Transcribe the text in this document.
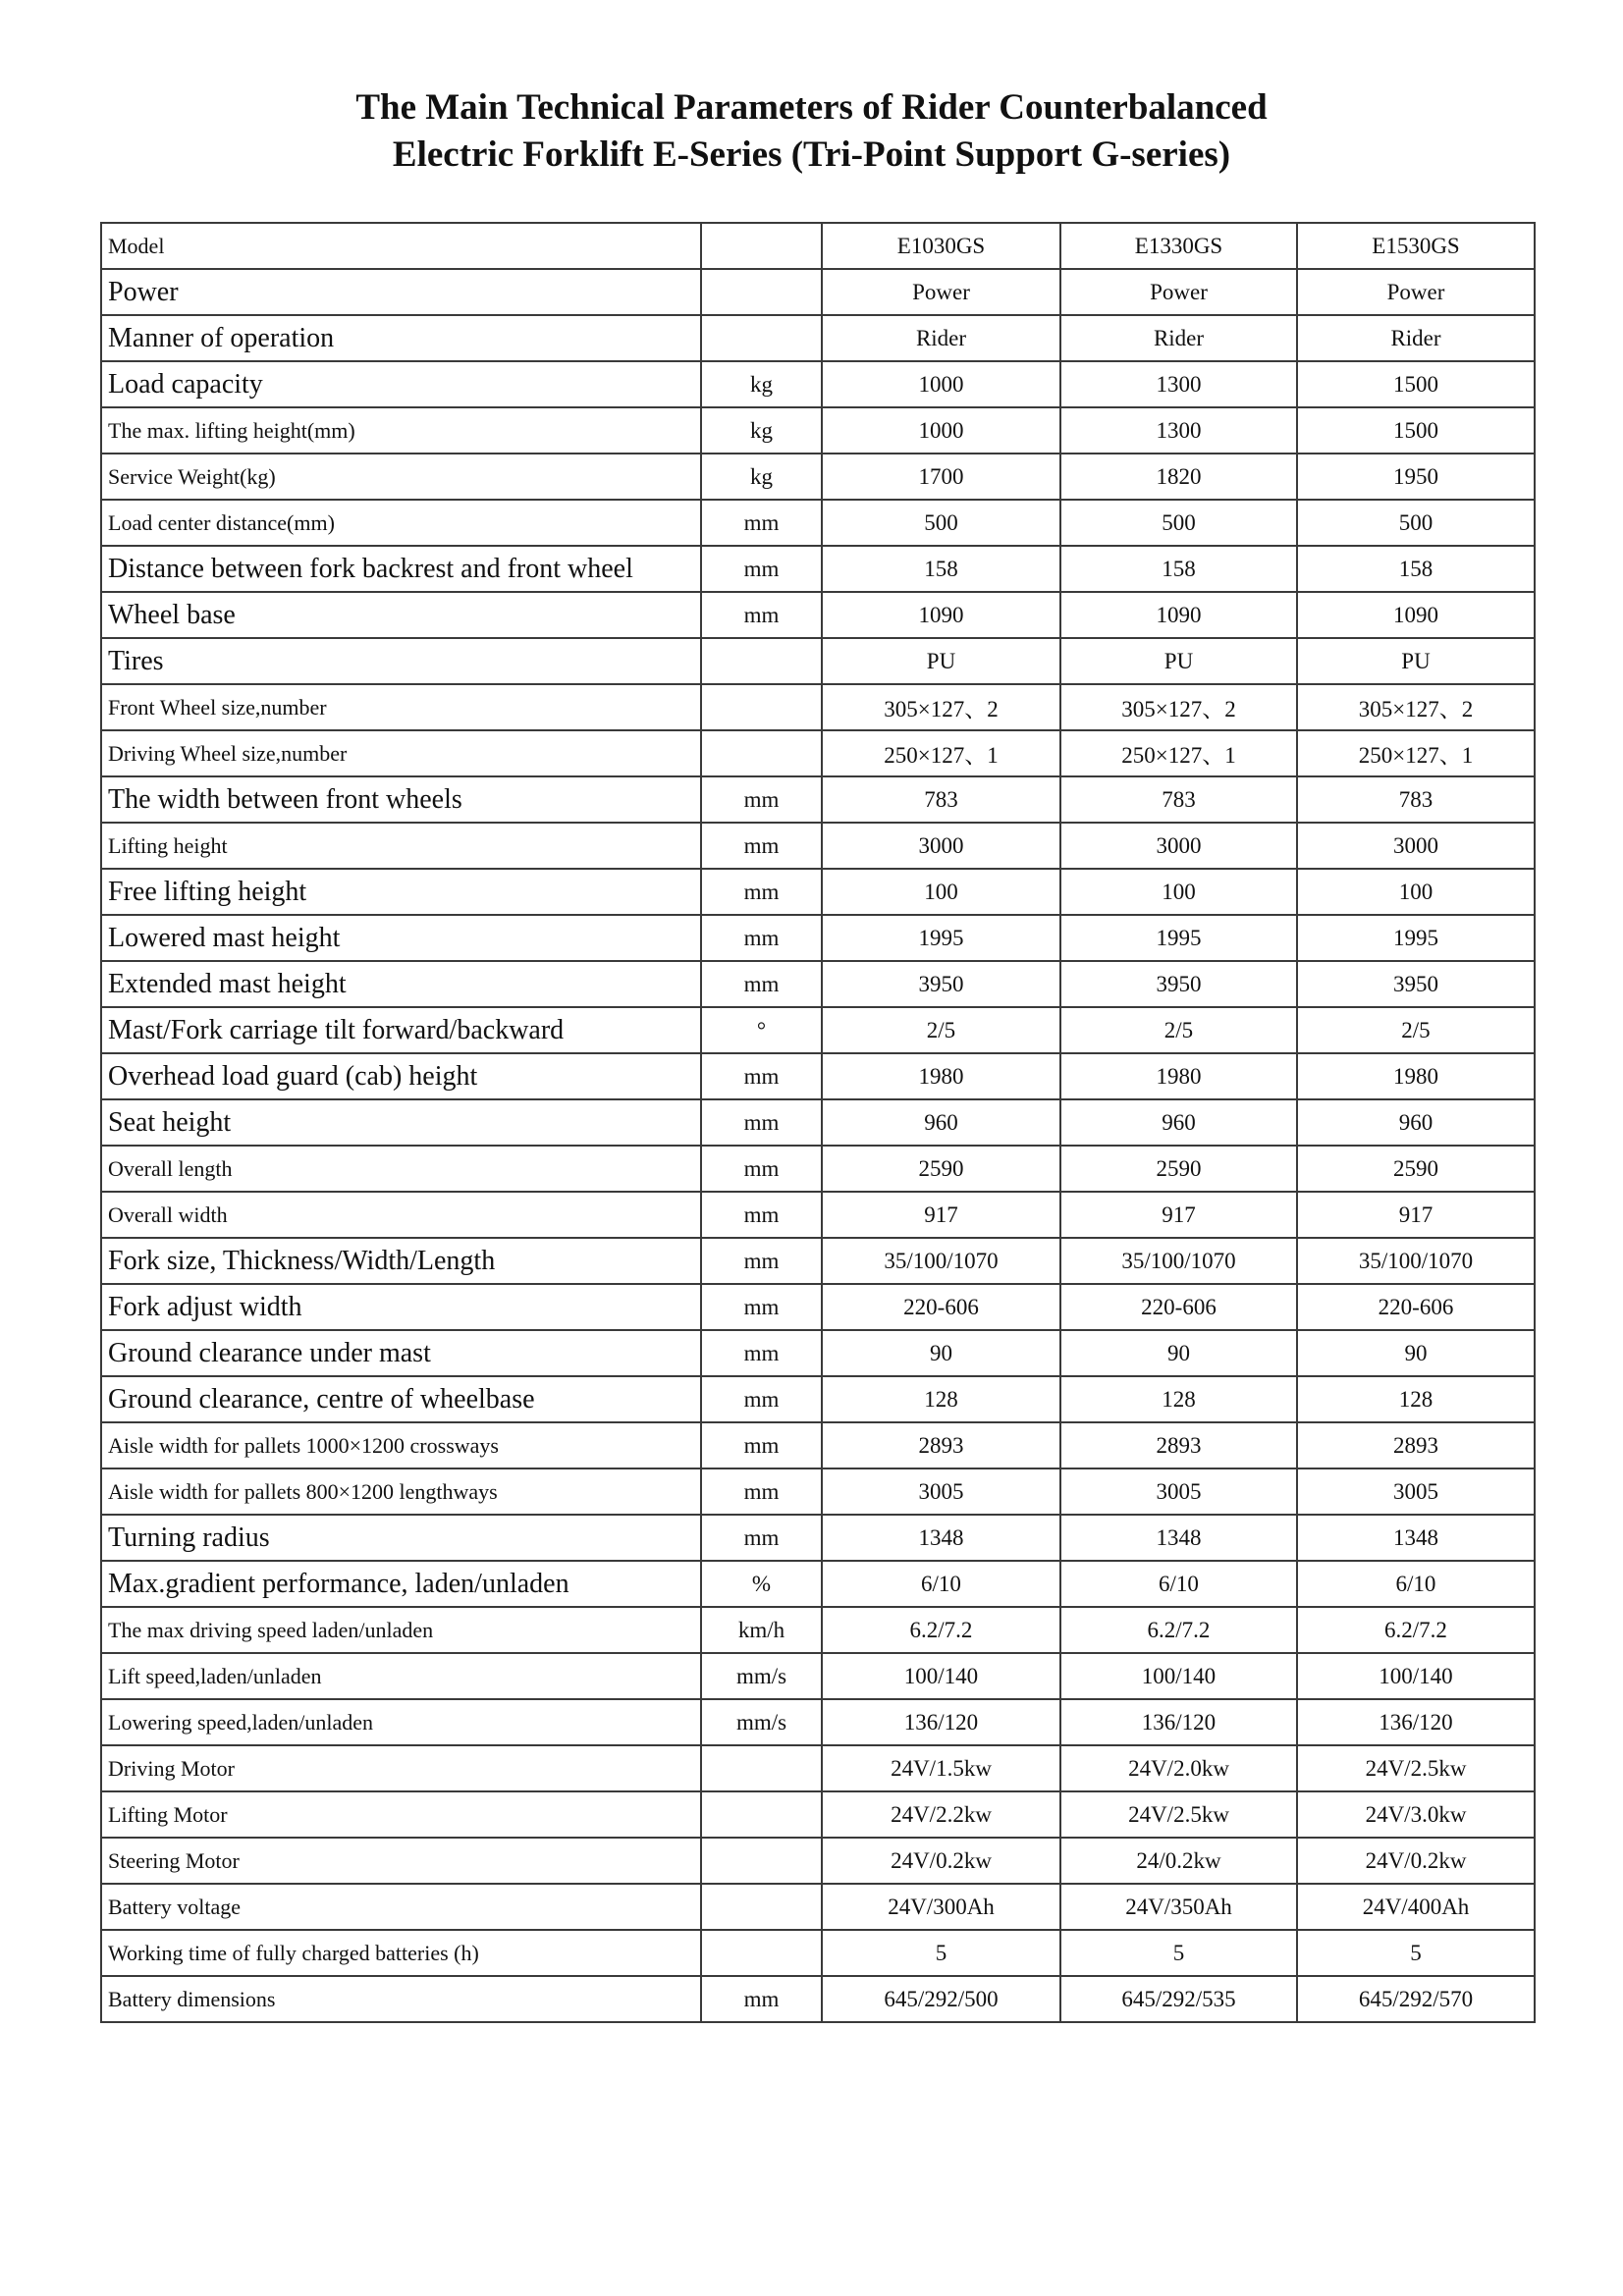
The Main Technical Parameters of Rider Counterbalanced
Electric Forklift E-Series (Tri-Point Support G-series)
Model		E1030GS	E1330GS	E1530GS
Power		Power	Power	Power
Manner of operation		Rider	Rider	Rider
Load capacity	kg	1000	1300	1500
The max. lifting height(mm)	kg	1000	1300	1500
Service Weight(kg)	kg	1700	1820	1950
Load center distance(mm)	mm	500	500	500
Distance between fork backrest and front wheel	mm	158	158	158
Wheel base	mm	1090	1090	1090
Tires		PU	PU	PU
Front Wheel size,number		305×127、2	305×127、2	305×127、2
Driving Wheel size,number		250×127、1	250×127、1	250×127、1
The width between front wheels	mm	783	783	783
Lifting height	mm	3000	3000	3000
Free lifting height	mm	100	100	100
Lowered mast height	mm	1995	1995	1995
Extended mast height	mm	3950	3950	3950
Mast/Fork carriage tilt forward/backward	°	2/5	2/5	2/5
Overhead load guard (cab) height	mm	1980	1980	1980
Seat height	mm	960	960	960
Overall length	mm	2590	2590	2590
Overall width	mm	917	917	917
Fork size, Thickness/Width/Length	mm	35/100/1070	35/100/1070	35/100/1070
Fork adjust width	mm	220-606	220-606	220-606
Ground clearance under mast	mm	90	90	90
Ground clearance, centre of wheelbase	mm	128	128	128
Aisle width for pallets 1000×1200 crossways	mm	2893	2893	2893
Aisle width for pallets 800×1200 lengthways	mm	3005	3005	3005
Turning radius	mm	1348	1348	1348
Max.gradient performance, laden/unladen	%	6/10	6/10	6/10
The max driving speed laden/unladen	km/h	6.2/7.2	6.2/7.2	6.2/7.2
Lift speed,laden/unladen	mm/s	100/140	100/140	100/140
Lowering speed,laden/unladen	mm/s	136/120	136/120	136/120
Driving Motor		24V/1.5kw	24V/2.0kw	24V/2.5kw
Lifting Motor		24V/2.2kw	24V/2.5kw	24V/3.0kw
Steering Motor		24V/0.2kw	24/0.2kw	24V/0.2kw
Battery voltage		24V/300Ah	24V/350Ah	24V/400Ah
Working time of fully charged batteries (h)		5	5	5
Battery dimensions	mm	645/292/500	645/292/535	645/292/570
